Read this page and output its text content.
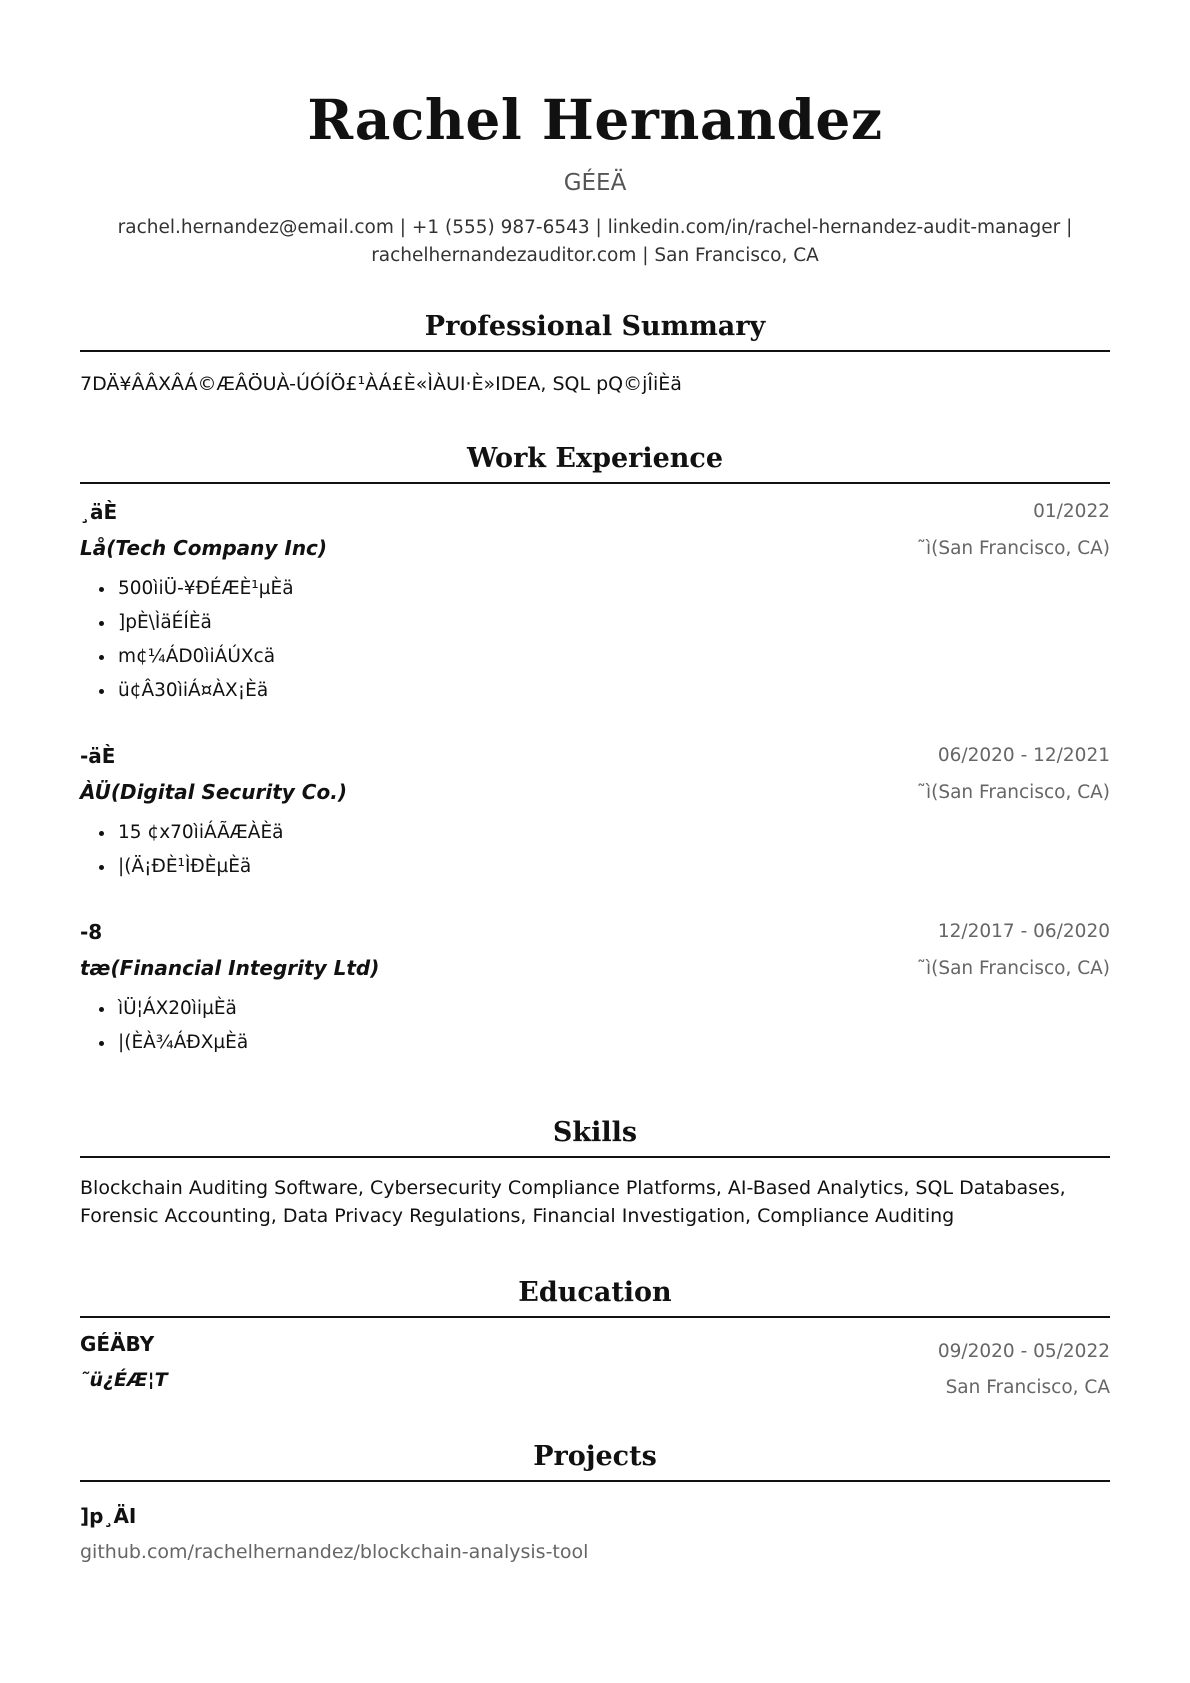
Rachel Hernandez
GÉEÄ
rachel.hernandez@email.com | +1 (555) 987-6543 | linkedin.com/in/rachel-hernandez-audit-manager |
rachelhernandezauditor.com | San Francisco, CA
Professional Summary
7DÄ¥ÂÂXÂÁ©ÆÂÖUÀ-ÚÓÍÖ£¹ÀÁ£È«ÌÀUI·È»IDEA, SQL pQ©jÎiÈä
Work Experience
¸äÈ	01/2022
Lå(Tech Company Inc)	˜ì(San Francisco, CA)
• 500ìiÜ-¥ÐÉÆÈ¹µÈä
• ]pÈ\ÌäÉÍÈä
• m¢¼ÁD0ìiÁÚXcä
• ü¢Â30ìiÁ¤ÀX¡Èä
-äÈ	06/2020 - 12/2021
ÀÜ(Digital Security Co.)	˜ì(San Francisco, CA)
• 15 ¢x70ìiÁÃÆÀÈä
• |(Ä¡ÐÈ¹ÌÐÈµÈä
-8	12/2017 - 06/2020
tæ(Financial Integrity Ltd)	˜ì(San Francisco, CA)
• ìÜ¦ÁX20ìiµÈä
• |(ÈÀ¾ÁÐXµÈä
Skills
Blockchain Auditing Software, Cybersecurity Compliance Platforms, AI-Based Analytics, SQL Databases, Forensic Accounting, Data Privacy Regulations, Financial Investigation, Compliance Auditing
Education
GÉÄBY	09/2020 - 05/2022
˜ü¿ÉÆ¦T	San Francisco, CA
Projects
]p¸ÄI
github.com/rachelhernandez/blockchain-analysis-tool
